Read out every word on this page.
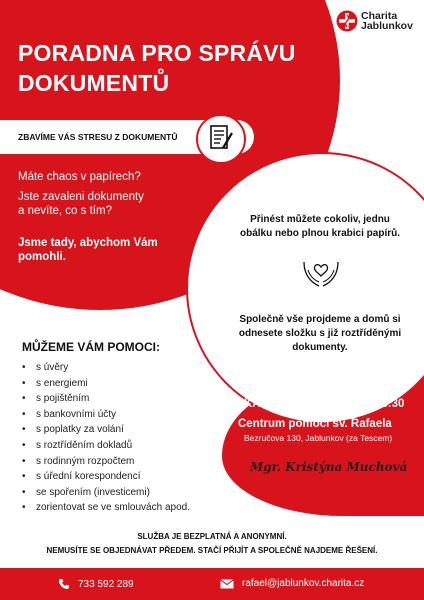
Charita
Jablunkov
PORADNA PRO SPRÁVU
DOKUMENTŮ
ZBAVÍME VÁS STRESU Z DOKUMENTŮ
Máte chaos v papírech?
Jste zavaleni dokumenty
a nevíte, co s tím?
Jsme tady, abychom Vám
pomohli.
Přinést můžete cokoliv, jednu
obálku nebo plnou krabici papírů.
Společně vše projdeme a domů si
odnesete složku s již roztříděnými
dokumenty.
MŮŽEME VÁM POMOCI:
• s úvěry
• s energiemi
• s pojištěním
• s bankovními účty
• s poplatky za volání
• s roztříděním dokladů
• s rodinným rozpočtem
• s úřední korespondencí
• se spořením (investicemi)
• zorientovat se ve smlouvách apod.
KAŽDÉ ÚTERÝ 14:00 - 15:30
Centrum pomoci sv. Rafaela
Bezručova 130, Jablunkov (za Tescem)
Mgr. Kristýna Muchová
SLUŽBA JE BEZPLATNÁ A ANONYMNÍ.
NEMUSÍTE SE OBJEDNÁVAT PŘEDEM. STAČÍ PŘIJÍT A SPOLEČNĚ NAJDEME ŘEŠENÍ.
733 592 289	rafael@jablunkov.charita.cz
